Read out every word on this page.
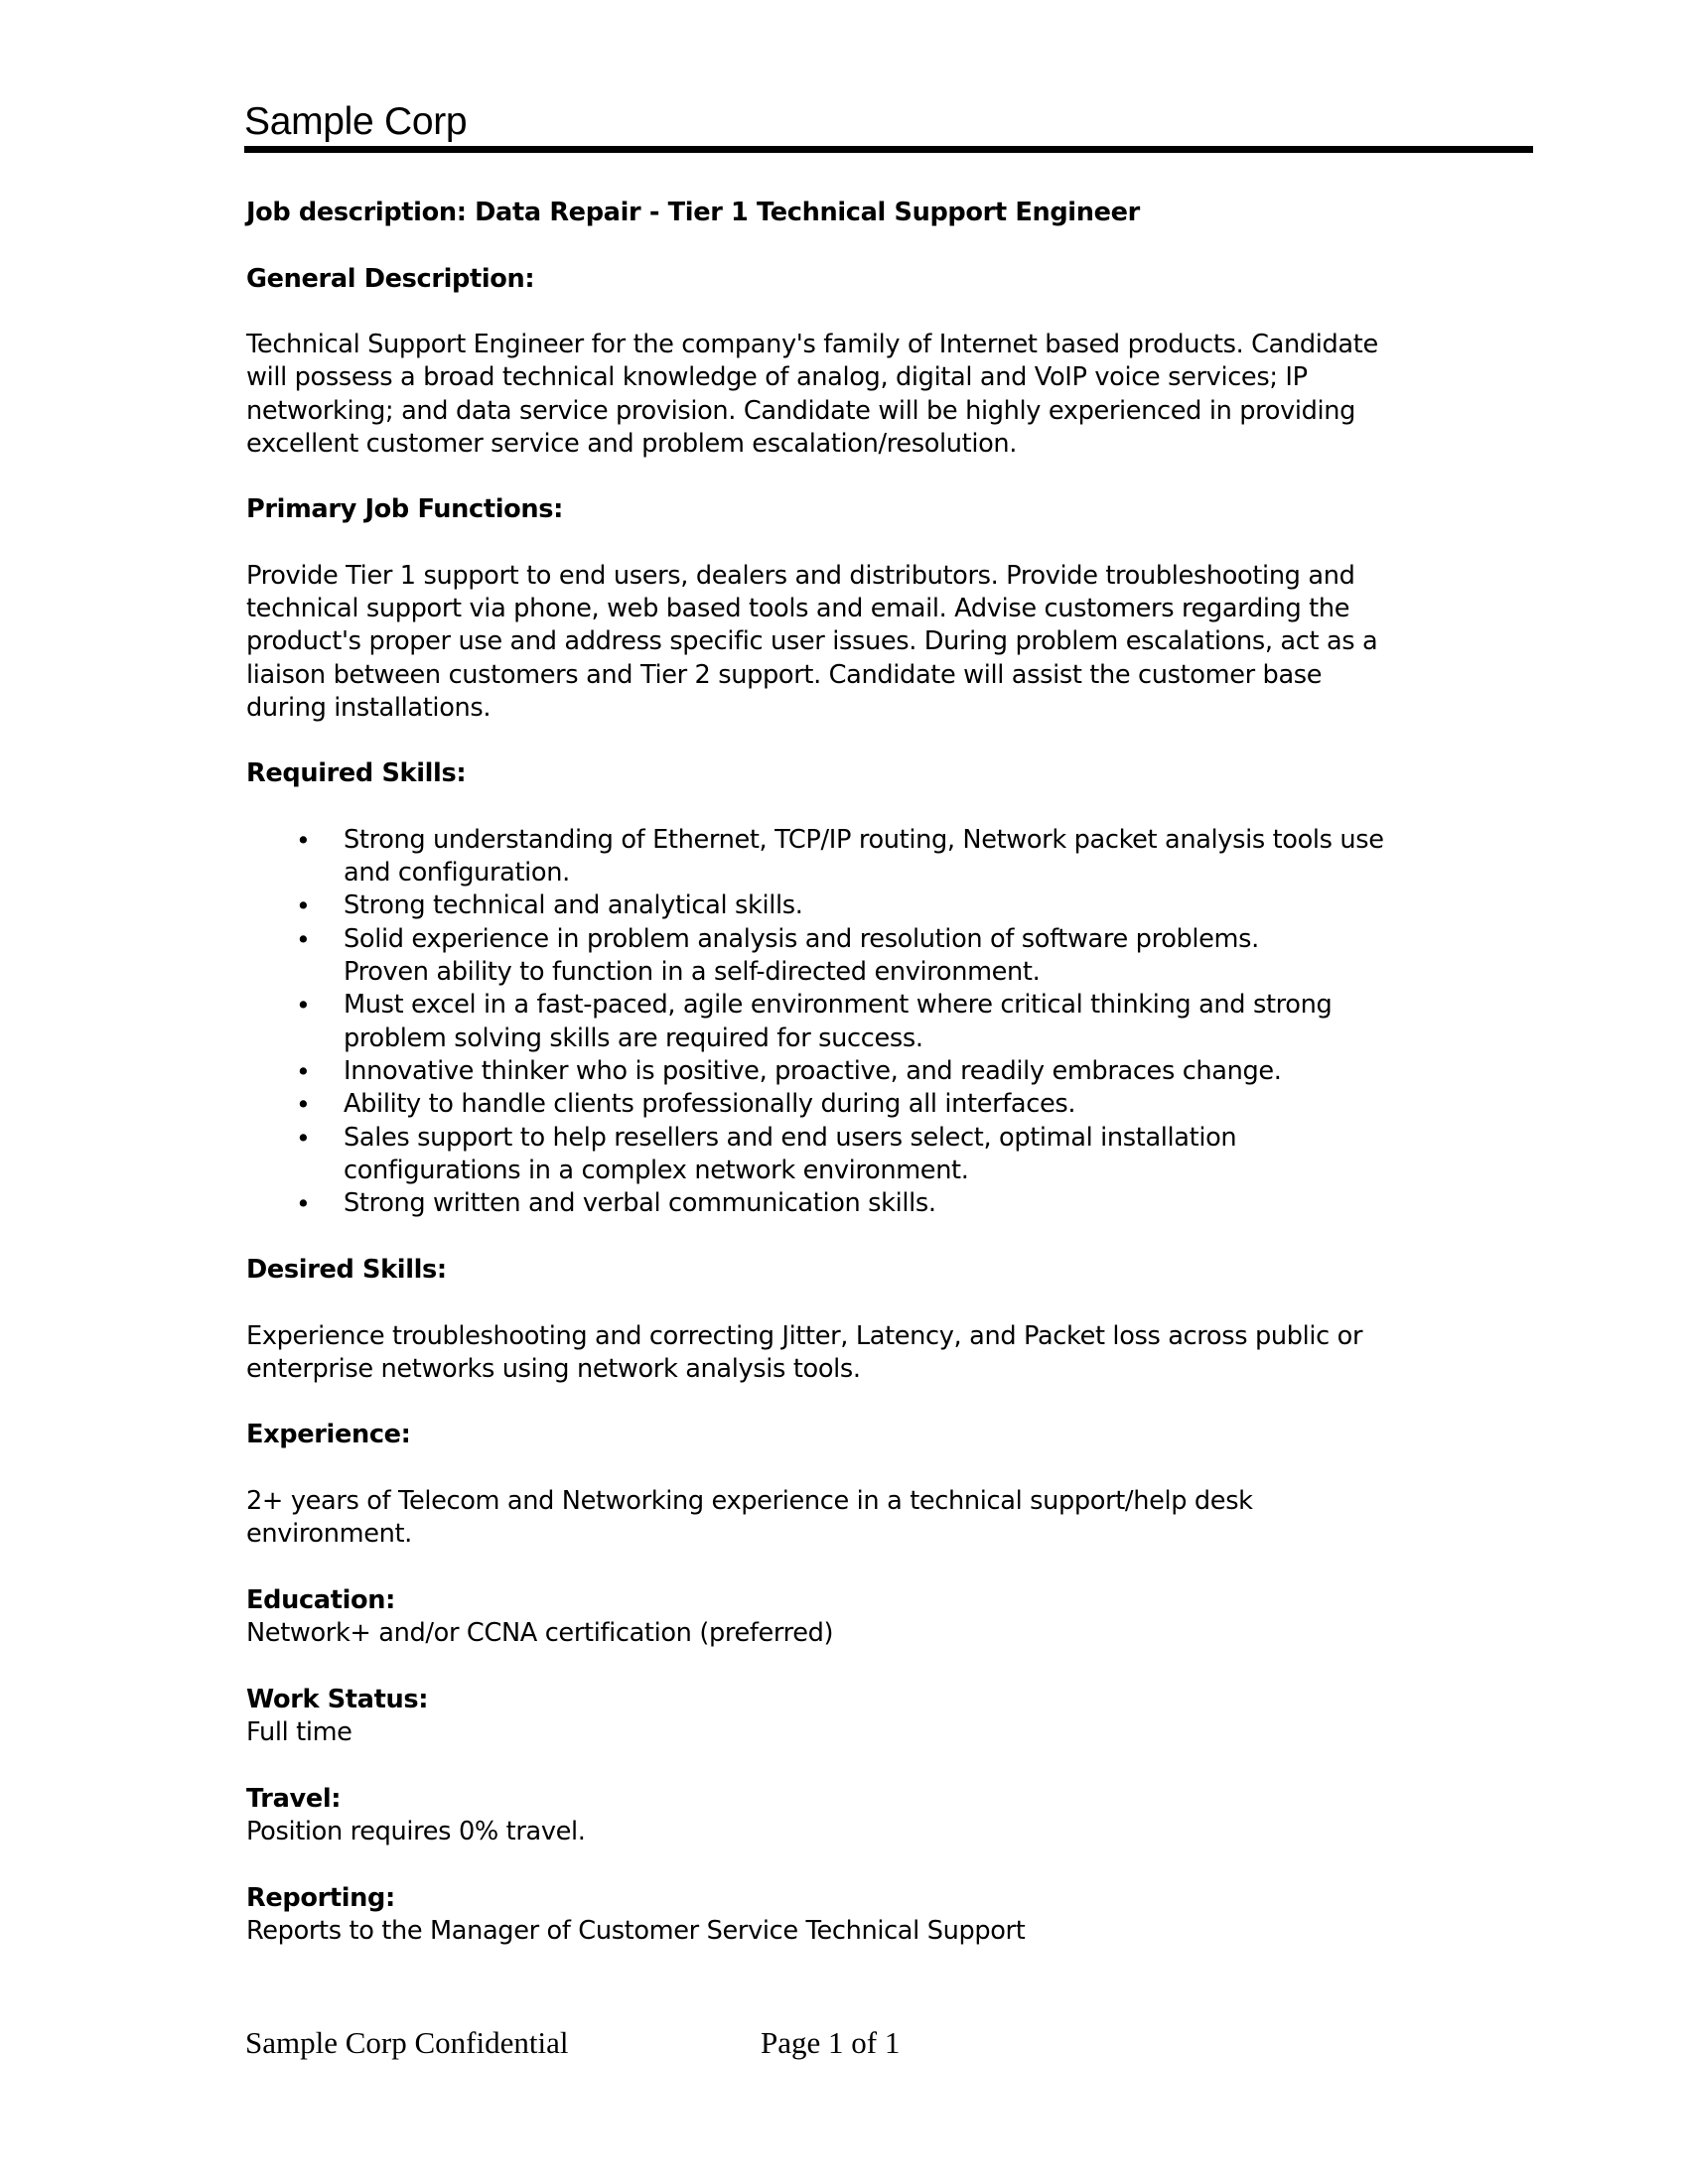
Sample Corp
Job description: Data Repair - Tier 1 Technical Support Engineer
General Description:
Technical Support Engineer for the company's family of Internet based products. Candidate
will possess a broad technical knowledge of analog, digital and VoIP voice services; IP
networking; and data service provision. Candidate will be highly experienced in providing
excellent customer service and problem escalation/resolution.
Primary Job Functions:
Provide Tier 1 support to end users, dealers and distributors. Provide troubleshooting and
technical support via phone, web based tools and email. Advise customers regarding the
product's proper use and address specific user issues. During problem escalations, act as a
liaison between customers and Tier 2 support. Candidate will assist the customer base
during installations.
Required Skills:
• Strong understanding of Ethernet, TCP/IP routing, Network packet analysis tools use
and configuration.
• Strong technical and analytical skills.
• Solid experience in problem analysis and resolution of software problems.
Proven ability to function in a self-directed environment.
• Must excel in a fast-paced, agile environment where critical thinking and strong
problem solving skills are required for success.
• Innovative thinker who is positive, proactive, and readily embraces change.
• Ability to handle clients professionally during all interfaces.
• Sales support to help resellers and end users select, optimal installation
configurations in a complex network environment.
• Strong written and verbal communication skills.
Desired Skills:
Experience troubleshooting and correcting Jitter, Latency, and Packet loss across public or
enterprise networks using network analysis tools.
Experience:
2+ years of Telecom and Networking experience in a technical support/help desk
environment.
Education:
Network+ and/or CCNA certification (preferred)
Work Status:
Full time
Travel:
Position requires 0% travel.
Reporting:
Reports to the Manager of Customer Service Technical Support
Sample Corp Confidential	Page 1 of 1
